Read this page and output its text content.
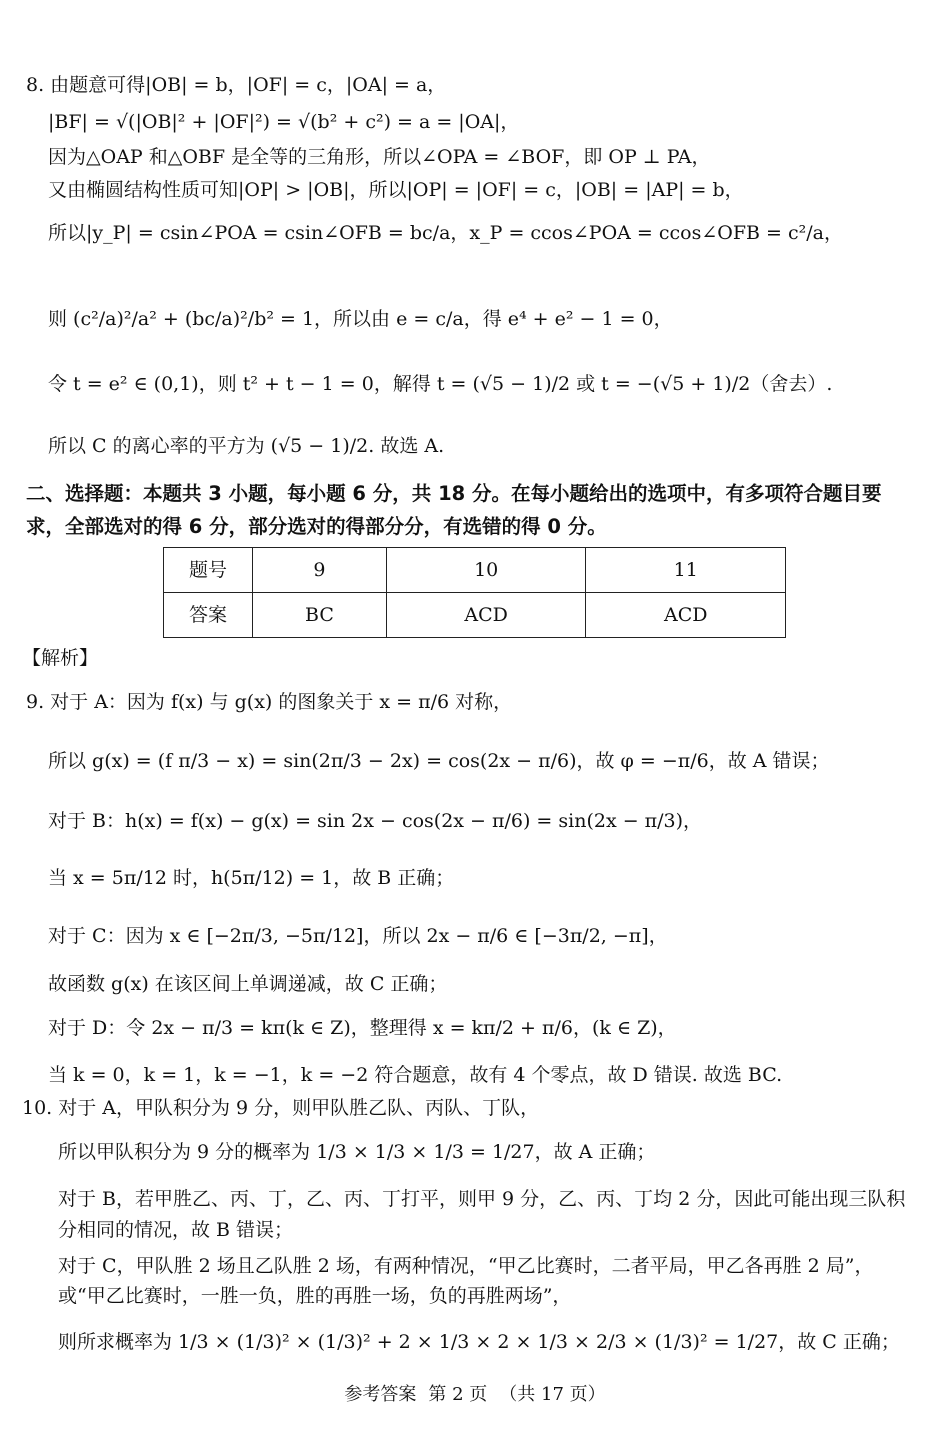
8. 由题意可得|OB| = b，|OF| = c，|OA| = a，
|BF| = √(|OB|² + |OF|²) = √(b² + c²) = a = |OA|，
因为△OAP 和△OBF 是全等的三角形，所以∠OPA = ∠BOF，即 OP ⊥ PA，
又由椭圆结构性质可知|OP| > |OB|，所以|OP| = |OF| = c，|OB| = |AP| = b，
所以|y_P| = csin∠POA = csin∠OFB = bc/a，x_P = ccos∠POA = ccos∠OFB = c²/a，
则 (c²/a)²/a² + (bc/a)²/b² = 1，所以由 e = c/a，得 e⁴ + e² − 1 = 0，
令 t = e² ∈ (0,1)，则 t² + t − 1 = 0，解得 t = (√5 − 1)/2 或 t = −(√5 + 1)/2（舍去）.
所以 C 的离心率的平方为 (√5 − 1)/2. 故选 A.
二、选择题：本题共 3 小题，每小题 6 分，共 18 分。在每小题给出的选项中，有多项符合题目要
求，全部选对的得 6 分，部分选对的得部分分，有选错的得 0 分。
题号	9	10	11
答案	BC	ACD	ACD
【解析】
9. 对于 A：因为 f(x) 与 g(x) 的图象关于 x = π/6 对称，
所以 g(x) = (f π/3 − x) = sin(2π/3 − 2x) = cos(2x − π/6)，故 φ = −π/6，故 A 错误；
对于 B：h(x) = f(x) − g(x) = sin 2x − cos(2x − π/6) = sin(2x − π/3)，
当 x = 5π/12 时，h(5π/12) = 1，故 B 正确；
对于 C：因为 x ∈ [−2π/3, −5π/12]，所以 2x − π/6 ∈ [−3π/2, −π]，
故函数 g(x) 在该区间上单调递减，故 C 正确；
对于 D：令 2x − π/3 = kπ(k ∈ Z)，整理得 x = kπ/2 + π/6，(k ∈ Z)，
当 k = 0，k = 1，k = −1，k = −2 符合题意，故有 4 个零点，故 D 错误. 故选 BC.
10. 对于 A，甲队积分为 9 分，则甲队胜乙队、丙队、丁队，
所以甲队积分为 9 分的概率为 1/3 × 1/3 × 1/3 = 1/27，故 A 正确；
对于 B，若甲胜乙、丙、丁，乙、丙、丁打平，则甲 9 分，乙、丙、丁均 2 分，因此可能出现三队积
分相同的情况，故 B 错误；
对于 C，甲队胜 2 场且乙队胜 2 场，有两种情况，“甲乙比赛时，二者平局，甲乙各再胜 2 局”，
或“甲乙比赛时，一胜一负，胜的再胜一场，负的再胜两场”，
则所求概率为 1/3 × (1/3)² × (1/3)² + 2 × 1/3 × 2 × 1/3 × 2/3 × (1/3)² = 1/27，故 C 正确；
参考答案 第 2 页 （共 17 页）
